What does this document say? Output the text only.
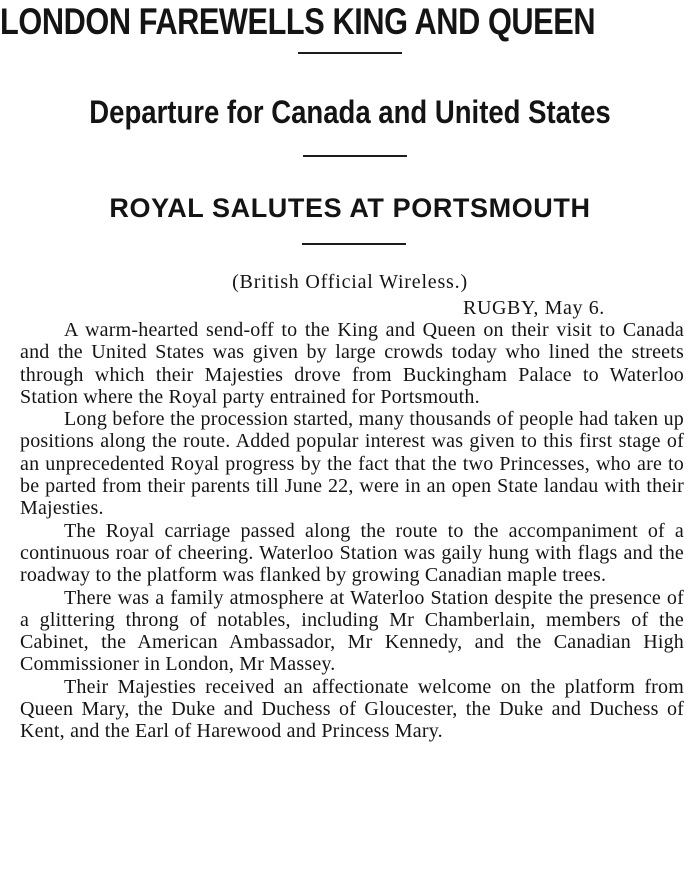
LONDON FAREWELLS KING AND QUEEN
Departure for Canada and United States
ROYAL SALUTES AT PORTSMOUTH

(British Official Wireless.)

RUGBY, May 6.

A warm-hearted send-off to the King and Queen on their visit to Canada and the United States was given by large crowds today who lined the streets through which their Majesties drove from Buckingham Palace to Waterloo Station where the Royal party entrained for Portsmouth.

Long before the procession started, many thousands of people had taken up positions along the route. Added popular interest was given to this first stage of an unprecedented Royal progress by the fact that the two Princesses, who are to be parted from their parents till June 22, were in an open State landau with their Majesties.

The Royal carriage passed along the route to the accompaniment of a continuous roar of cheering. Waterloo Station was gaily hung with flags and the roadway to the platform was flanked by growing Canadian maple trees.

There was a family atmosphere at Waterloo Station despite the presence of a glittering throng of notables, including Mr Chamberlain, members of the Cabinet, the American Ambassador, Mr Kennedy, and the Canadian High Commissioner in London, Mr Massey.

Their Majesties received an affectionate welcome on the platform from Queen Mary, the Duke and Duchess of Gloucester, the Duke and Duchess of Kent, and the Earl of Harewood and Princess Mary.
